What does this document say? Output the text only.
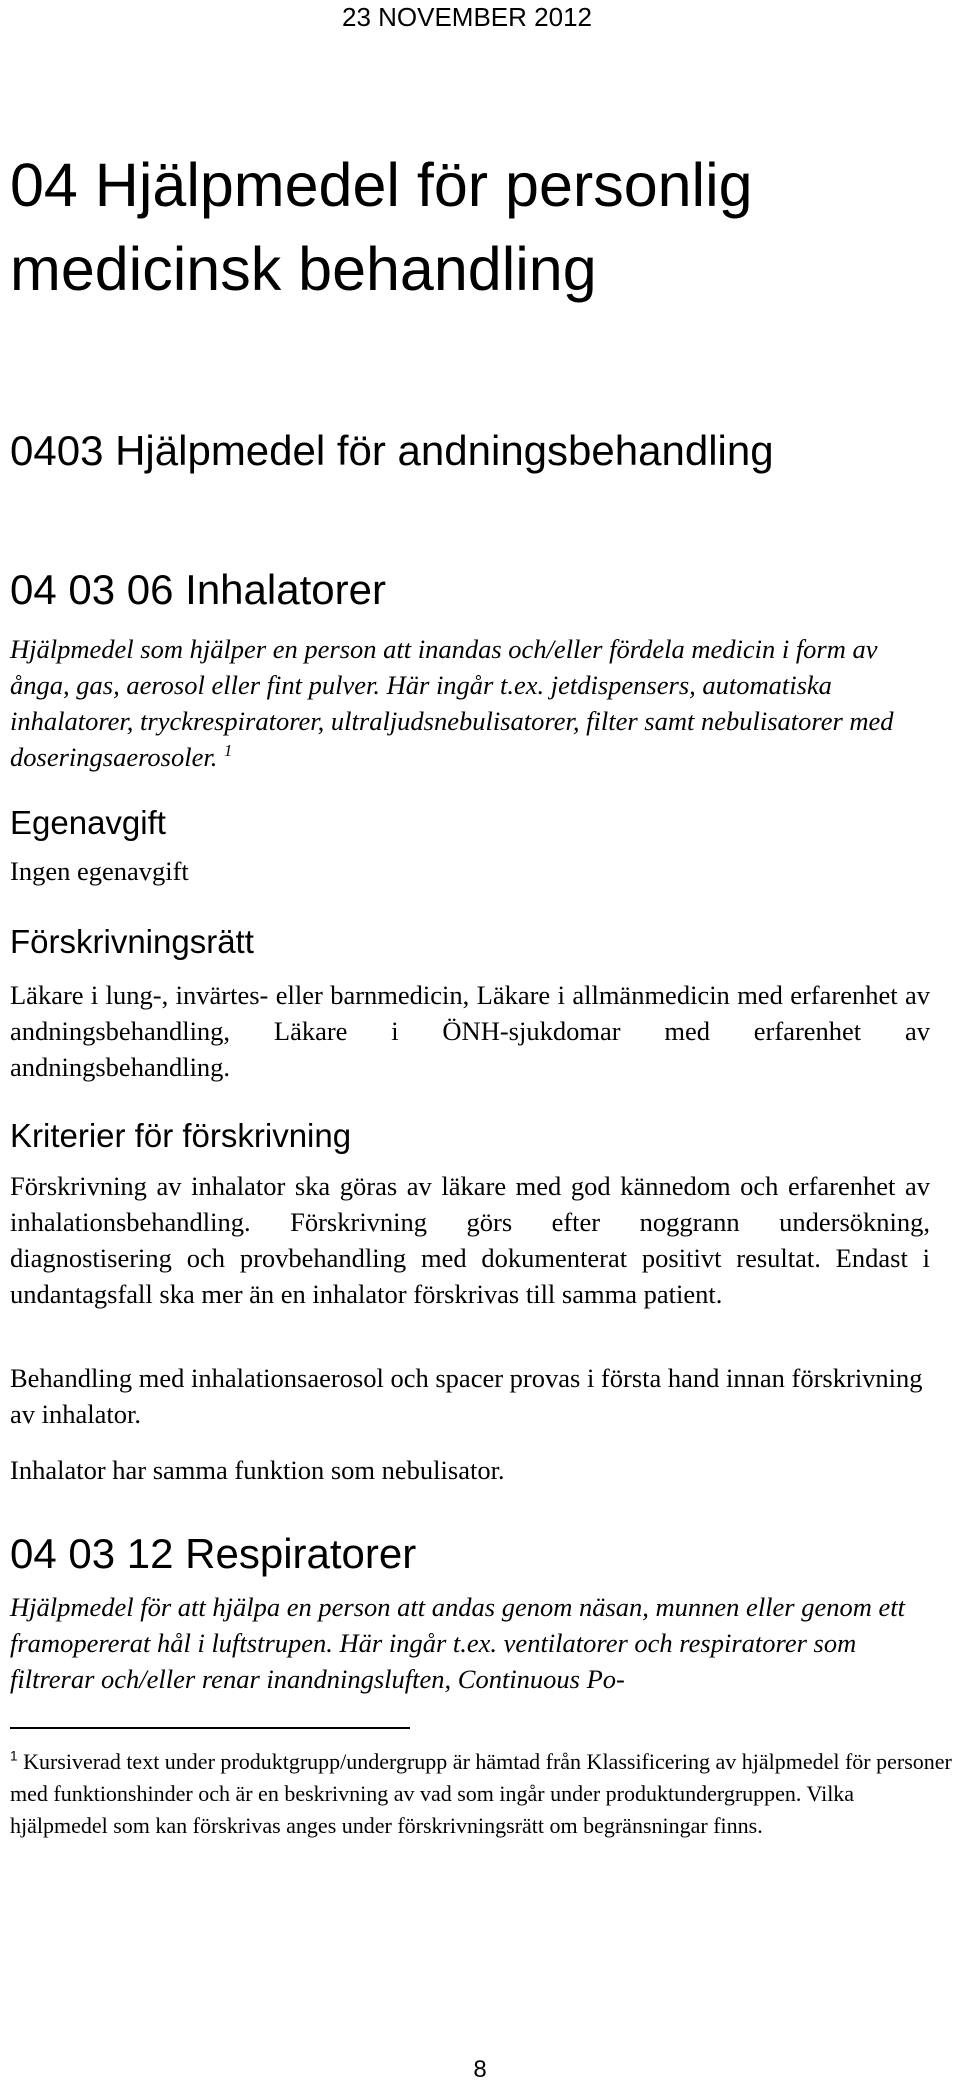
23 NOVEMBER 2012
04 Hjälpmedel för personlig medicinsk behandling
0403 Hjälpmedel för andningsbehandling
04 03 06 Inhalatorer

Hjälpmedel som hjälper en person att inandas och/eller fördela medicin i form av ånga, gas, aerosol eller fint pulver. Här ingår t.ex. jetdispensers, automatiska inhalatorer, tryckrespiratorer, ultraljudsnebulisatorer, filter samt nebulisatorer med doseringsaerosoler. $^1$

Egenavgift

Ingen egenavgift

Förskrivningsrätt

Läkare i lung-, invärtes- eller barnmedicin, Läkare i allmänmedicin med erfarenhet av andningsbehandling, Läkare i ÖNH-sjukdomar med erfarenhet av andningsbehandling.

Kriterier för förskrivning

Förskrivning av inhalator ska göras av läkare med god kännedom och erfarenhet av inhalationsbehandling. Förskrivning görs efter noggrann undersökning, diagnostisering och provbehandling med dokumenterat positivt resultat. Endast i undantagsfall ska mer än en inhalator förskrivas till samma patient.

Behandling med inhalationsaerosol och spacer provas i första hand innan förskrivning av inhalator.

Inhalator har samma funktion som nebulisator.

04 03 12 Respiratorer

Hjälpmedel för att hjälpa en person att andas genom näsan, munnen eller genom ett framopererat hål i luftstrupen. Här ingår t.ex. ventilatorer och respiratorer som filtrerar och/eller renar inandningsluften, Continuous Po-

$^1$ Kursiverad text under produktgrupp/undergrupp är hämtad från Klassificering av hjälpmedel för personer med funktionshinder och är en beskrivning av vad som ingår under produktundergruppen. Vilka hjälpmedel som kan förskrivas anges under förskrivningsrätt om begränsningar finns.

8
